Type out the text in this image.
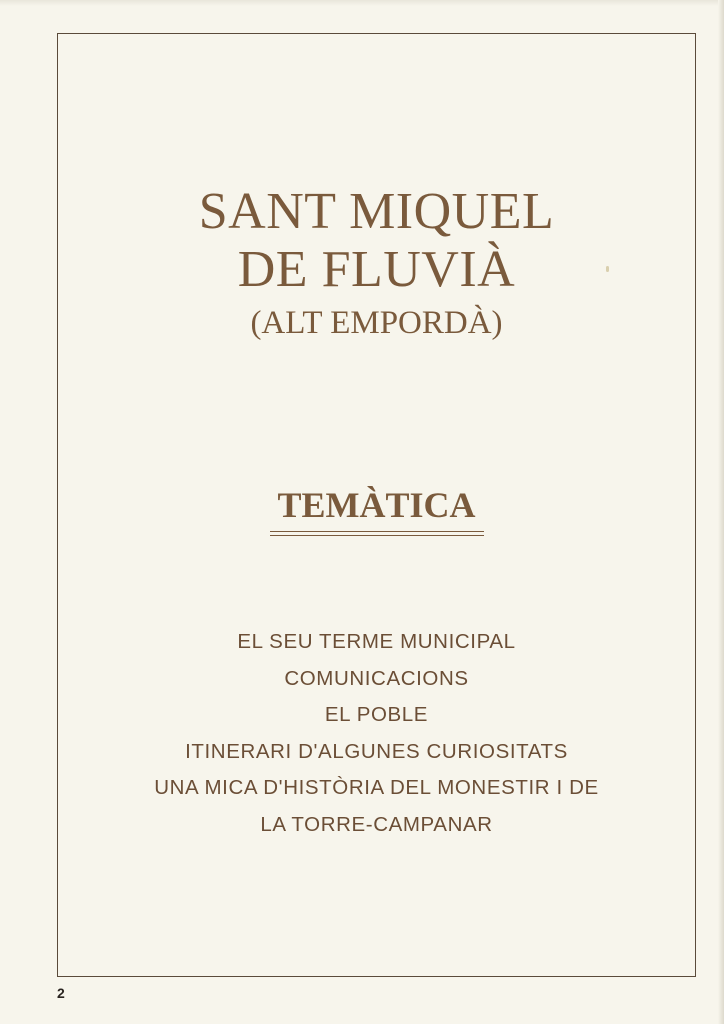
SANT MIQUEL
DE FLUVIÀ
(ALT EMPORDÀ)
TEMÀTICA
EL SEU TERME MUNICIPAL
COMUNICACIONS
EL POBLE
ITINERARI D'ALGUNES CURIOSITATS
UNA MICA D'HISTÒRIA DEL MONESTIR I DE
LA TORRE-CAMPANAR
2
